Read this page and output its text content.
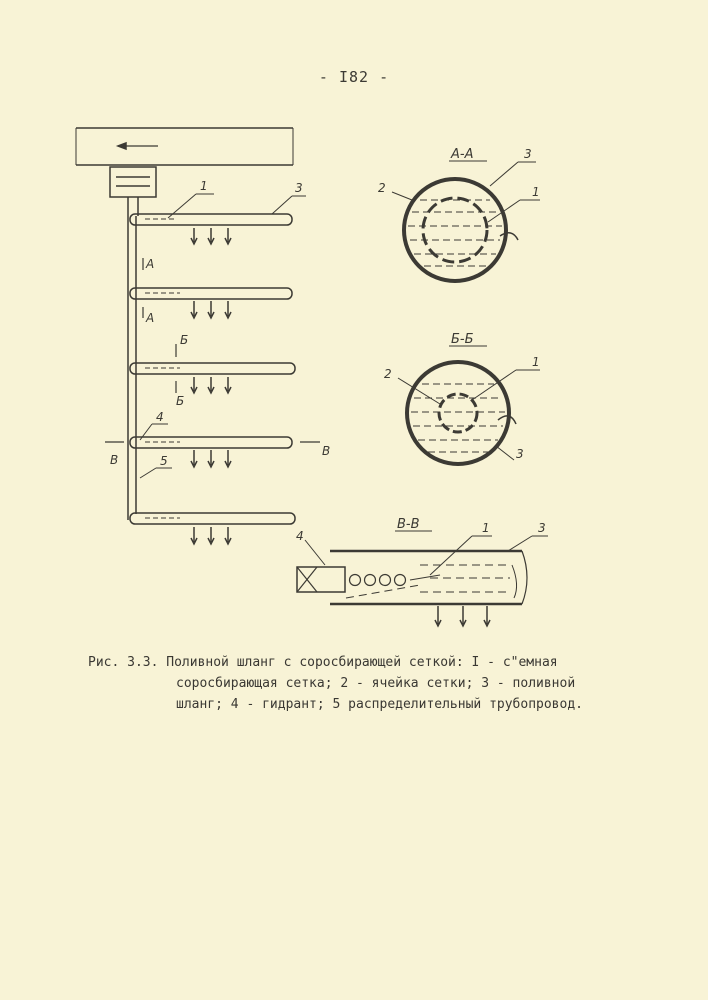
- I82 -
А
А
Б
Б
В
В
1	3
4
5
А-А	3
2	1
Б-Б
1
2
3
В-В
4
1	3
Рис. 3.3. Поливной шланг с соросбирающей сеткой: I - с"емная
соросбирающая сетка; 2 - ячейка сетки; 3 - поливной
шланг; 4 - гидрант; 5 распределительный трубопровод.
